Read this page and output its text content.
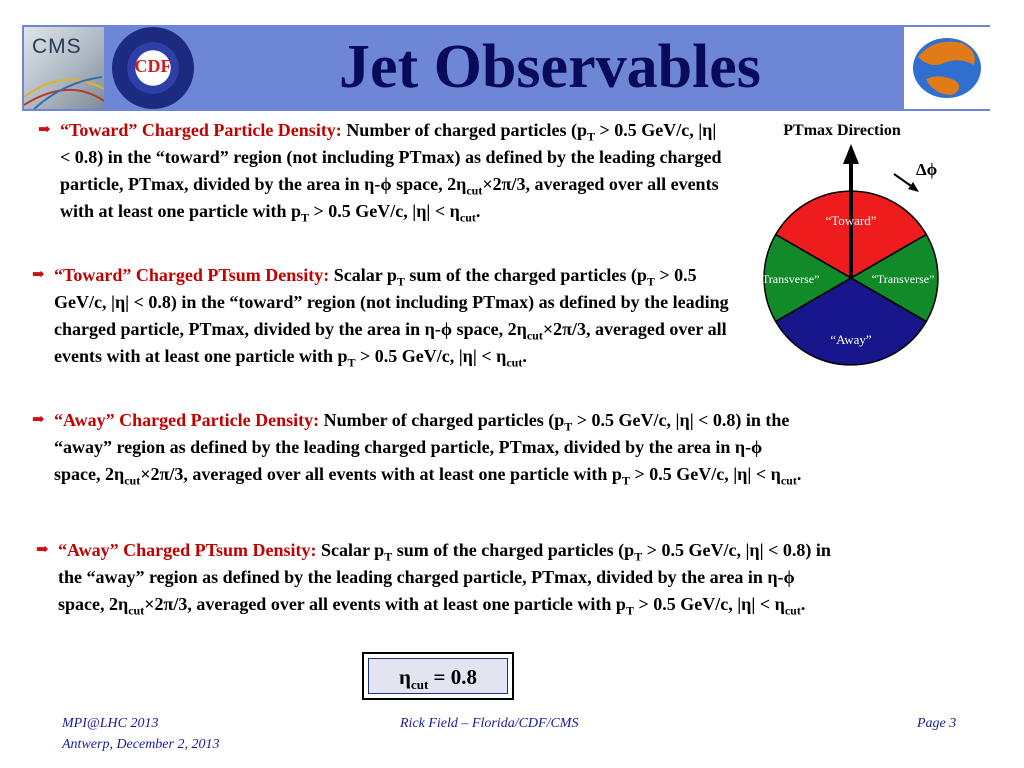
CMS
CDF	Jet Observables
➡ “Toward” Charged Particle Density: Number of charged particles ($p_T > 0.5$ GeV/c, |η| < 0.8) in the “toward” region (not including PTmax) as defined by the leading charged particle, PTmax, divided by the area in η-ϕ space, $2\eta_{cut}\times 2\pi/3$, averaged over all events with at least one particle with $p_T > 0.5$ GeV/c, $|\eta| < \eta_{cut}$.
➡ “Toward” Charged PTsum Density: Scalar $p_T$ sum of the charged particles ($p_T > 0.5$ GeV/c, |η| < 0.8) in the “toward” region (not including PTmax) as defined by the leading charged particle, PTmax, divided by the area in η-ϕ space, $2\eta_{cut}\times 2\pi/3$, averaged over all events with at least one particle with $p_T > 0.5$ GeV/c, $|\eta| < \eta_{cut}$.
➡ “Away” Charged Particle Density: Number of charged particles ($p_T > 0.5$ GeV/c, |η| < 0.8) in the “away” region as defined by the leading charged particle, PTmax, divided by the area in η-ϕ space, $2\eta_{cut}\times 2\pi/3$, averaged over all events with at least one particle with $p_T > 0.5$ GeV/c, $|\eta| < \eta_{cut}$.
➡ “Away” Charged PTsum Density: Scalar $p_T$ sum of the charged particles ($p_T > 0.5$ GeV/c, |η| < 0.8) in the “away” region as defined by the leading charged particle, PTmax, divided by the area in η-ϕ space, $2\eta_{cut}\times 2\pi/3$, averaged over all events with at least one particle with $p_T > 0.5$ GeV/c, $|\eta| < \eta_{cut}$.
$\eta_{cut} = 0.8$
PTmax Direction
Δϕ
“Toward”
“Transverse”	“Transverse”
“Away”
MPI@LHC 2013
Antwerp, December 2, 2013
Rick Field – Florida/CDF/CMS	Page 3
